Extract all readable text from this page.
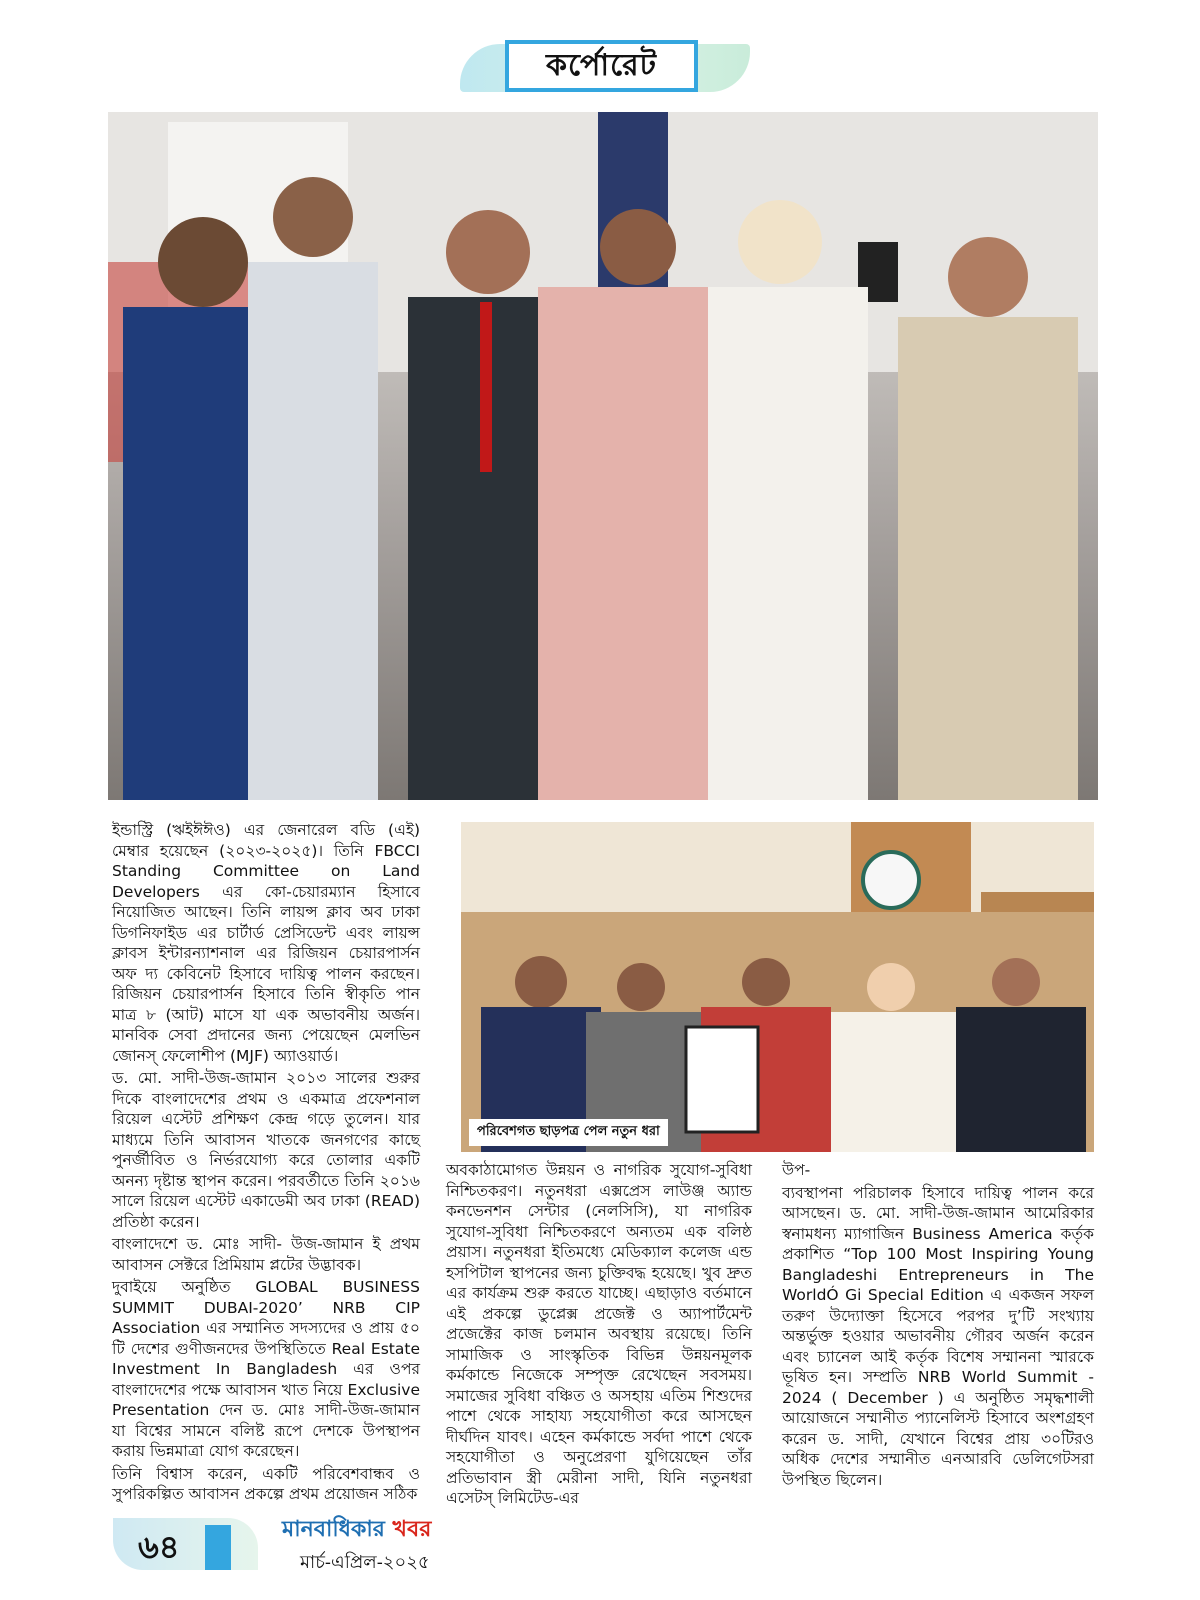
কর্পোরেট
পরিবেশগত ছাড়পত্র পেল নতুন ধরা

ইন্ডাস্ট্রি (ঋইঈঈও) এর জেনারেল বডি (এই) মেম্বার হয়েছেন (২০২৩-২০২৫)। তিনি FBCCI Standing Committee on Land Developers এর কো-চেয়ারম্যান হিসাবে নিয়োজিত আছেন। তিনি লায়ন্স ক্লাব অব ঢাকা ডিগনিফাইড এর চার্টার্ড প্রেসিডেন্ট এবং লায়ন্স ক্লাবস ইন্টারন্যাশনাল এর রিজিয়ন চেয়ারপার্সন অফ দ্য কেবিনেট হিসাবে দায়িত্ব পালন করছেন। রিজিয়ন চেয়ারপার্সন হিসাবে তিনি স্বীকৃতি পান মাত্র ৮ (আট) মাসে যা এক অভাবনীয় অর্জন। মানবিক সেবা প্রদানের জন্য পেয়েছেন মেলভিন জোনস্‌ ফেলোশীপ (MJF) অ্যাওয়ার্ড।

ড. মো. সাদী-উজ-জামান ২০১৩ সালের শুরুর দিকে বাংলাদেশের প্রথম ও একমাত্র প্রফেশনাল রিয়েল এস্টেট প্রশিক্ষণ কেন্দ্র গড়ে তুলেন। যার মাধ্যমে তিনি আবাসন খাতকে জনগণের কাছে পুনর্জীবিত ও নির্ভরযোগ্য করে তোলার একটি অনন্য দৃষ্টান্ত স্থাপন করেন। পরবর্তীতে তিনি ২০১৬ সালে রিয়েল এস্টেট একাডেমী অব ঢাকা (READ) প্রতিষ্ঠা করেন।

বাংলাদেশে ড. মোঃ সাদী- উজ-জামান ই প্রথম আবাসন সেক্টরে প্রিমিয়াম প্লটের উদ্ভাবক।

দুবাইয়ে অনুষ্ঠিত GLOBAL BUSINESS SUMMIT DUBAI-2020’ NRB CIP Association এর সম্মানিত সদস্যদের ও প্রায় ৫০ টি দেশের গুণীজনদের উপস্থিতিতে Real Estate Investment In Bangladesh এর ওপর বাংলাদেশের পক্ষে আবাসন খাত নিয়ে Exclusive Presentation দেন ড. মোঃ সাদী-উজ-জামান যা বিশ্বের সামনে বলিষ্ট রূপে দেশকে উপস্থাপন করায় ভিন্নমাত্রা যোগ করেছেন।

তিনি বিশ্বাস করেন, একটি পরিবেশবান্ধব ও সুপরিকল্পিত আবাসন প্রকল্পে প্রথম প্রয়োজন সঠিক

অবকাঠামোগত উন্নয়ন ও নাগরিক সুযোগ-সুবিধা নিশ্চিতকরণ। নতুনধরা এক্সপ্রেস লাউঞ্জ অ্যান্ড কনভেনশন সেন্টার (নেলসিসি), যা নাগরিক সুযোগ-সুবিধা নিশ্চিতকরণে অন্যতম এক বলিষ্ঠ প্রয়াস। নতুনধরা ইতিমধ্যে মেডিক্যাল কলেজ এন্ড হসপিটাল স্থাপনের জন্য চুক্তিবদ্ধ হয়েছে। খুব দ্রুত এর কার্যক্রম শুরু করতে যাচ্ছে। এছাড়াও বর্তমানে এই প্রকল্পে ডুপ্লেক্স প্রজেক্ট ও অ্যাপার্টমেন্ট প্রজেক্টের কাজ চলমান অবস্থায় রয়েছে। তিনি সামাজিক ও সাংস্কৃতিক বিভিন্ন উন্নয়নমূলক কর্মকান্ডে নিজেকে সম্পৃক্ত রেখেছেন সবসময়। সমাজের সুবিধা বঞ্চিত ও অসহায় এতিম শিশুদের পাশে থেকে সাহায্য সহযোগীতা করে আসছেন দীর্ঘদিন যাবৎ। এহেন কর্মকান্ডে সর্বদা পাশে থেকে সহযোগীতা ও অনুপ্রেরণা যুগিয়েছেন তাঁর প্রতিভাবান স্ত্রী মেরীনা সাদী, যিনি নতুনধরা এসেটস্‌ লিমিটেড-এর

উপ-

ব্যবস্থাপনা পরিচালক হিসাবে দায়িত্ব পালন করে আসছেন। ড. মো. সাদী-উজ-জামান আমেরিকার স্বনামধন্য ম্যাগাজিন Business America কর্তৃক প্রকাশিত “Top 100 Most Inspiring Young Bangladeshi Entrepreneurs in The WorldÓ Gi Special Edition এ একজন সফল তরুণ উদ্যোক্তা হিসেবে পরপর দু’টি সংখ্যায় অন্তর্ভুক্ত হওয়ার অভাবনীয় গৌরব অর্জন করেন এবং চ্যানেল আই কর্তৃক বিশেষ সম্মাননা স্মারকে ভূষিত হন। সম্প্রতি NRB World Summit - 2024 ( December ) এ অনুষ্ঠিত সমৃদ্ধশালী আয়োজনে সম্মানীত প্যানেলিস্ট হিসাবে অংশগ্রহণ করেন ড. সাদী, যেখানে বিশ্বের প্রায় ৩০টিরও অধিক দেশের সম্মানীত এনআরবি ডেলিগেটসরা উপস্থিত ছিলেন।

৬৪	মানবাধিকার খবর
মার্চ-এপ্রিল-২০২৫
